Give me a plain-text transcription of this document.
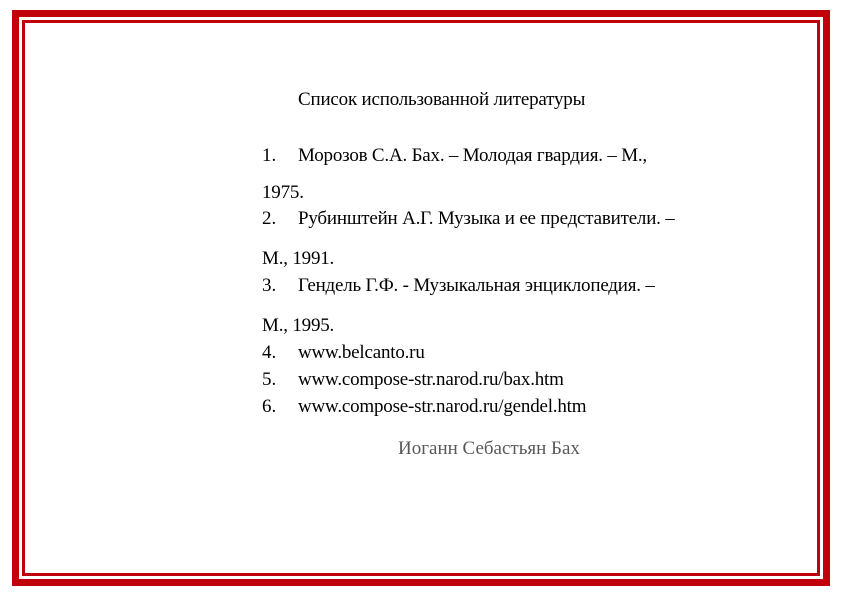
Список использованной литературы
1. Морозов С.А. Бах. – Молодая гвардия. – М.,
1975.
2. Рубинштейн А.Г. Музыка и ее представители. –
М., 1991.
3. Гендель Г.Ф. - Музыкальная энциклопедия. –
М., 1995.
4. www.belcanto.ru
5. www.compose-str.narod.ru/bax.htm
6. www.compose-str.narod.ru/gendel.htm
Иоганн Себастьян Бах
